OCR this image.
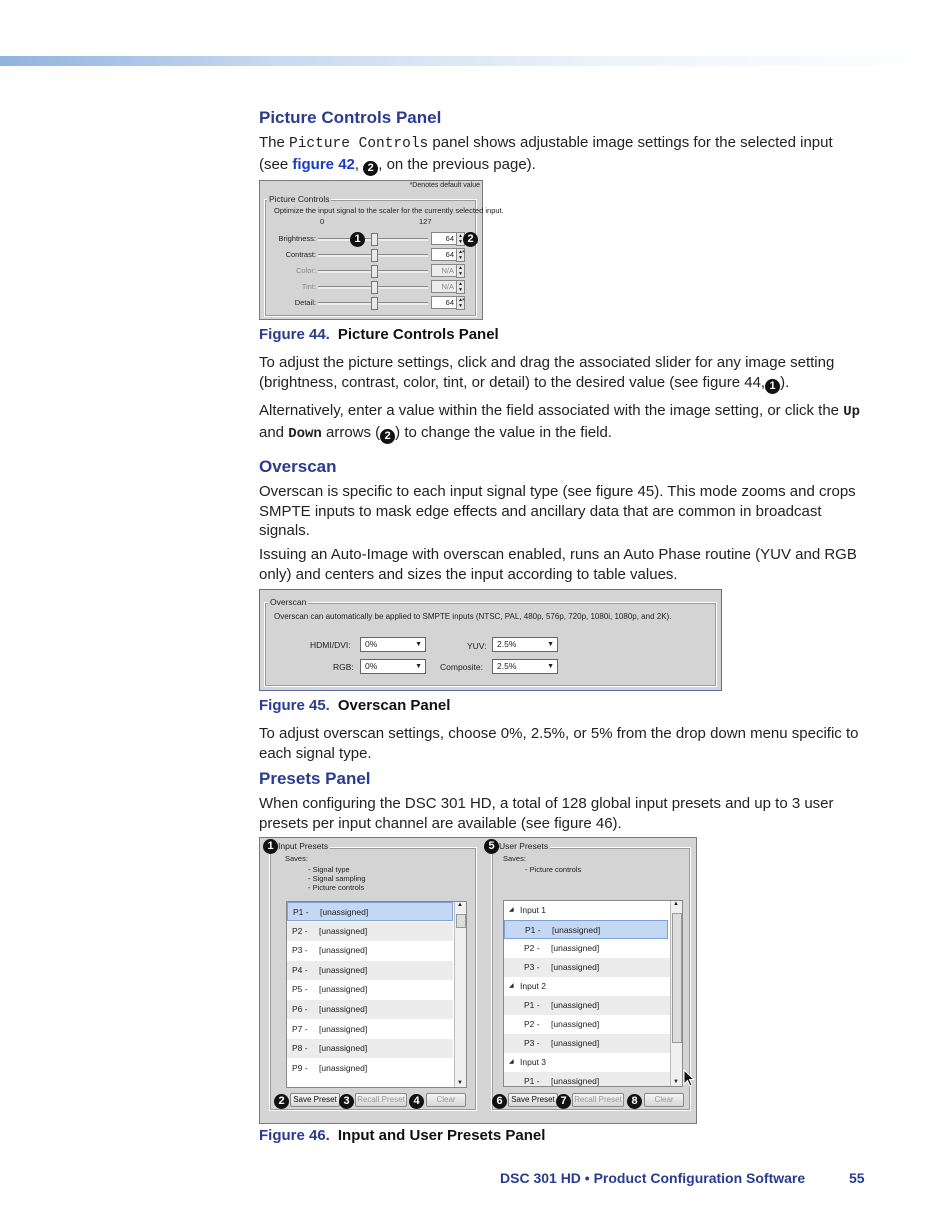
Picture Controls Panel

The Picture Controls panel shows adjustable image settings for the selected input (see figure 42, 2 , on the previous page).

*Denotes default value
Picture Controls
Optimize the input signal to the scaler for the currently selected input.
0	127
Brightness:	64 ▲
▼
Contrast:	64 ▲
▼
Color:	N/A ▲
▼
Tint:	N/A ▲
▼
Detail:	64 ▲
▼
*
*
1	2
Figure 44. Picture Controls Panel

To adjust the picture settings, click and drag the associated slider for any image setting (brightness, contrast, color, tint, or detail) to the desired value (see figure 44, 1 ).

Alternatively, enter a value within the field associated with the image setting, or click the Up and Down arrows ( 2 ) to change the value in the field.

Overscan

Overscan is specific to each input signal type (see figure 45). This mode zooms and crops SMPTE inputs to mask edge effects and ancillary data that are common in broadcast signals.

Issuing an Auto-Image with overscan enabled, runs an Auto Phase routine (YUV and RGB only) and centers and sizes the input according to table values.

Overscan
Overscan can automatically be applied to SMPTE inputs (NTSC, PAL, 480p, 576p, 720p, 1080i, 1080p, and 2K).
HDMI/DVI:	0%	▼
RGB:	0%	▼
YUV:	2.5%	▼
Composite:	2.5%	▼
Figure 45. Overscan Panel

To adjust overscan settings, choose 0%, 2.5%, or 5% from the drop down menu specific to each signal type.

Presets Panel

When configuring the DSC 301 HD, a total of 128 global input presets and up to 3 user presets per input channel are available (see figure 46).

Input Presets
1
Saves:
- Signal type
- Signal sampling
- Picture controls
P1 - [unassigned]
P2 - [unassigned]
P3 - [unassigned]
P4 - [unassigned]
P5 - [unassigned]
P6 - [unassigned]
P7 - [unassigned]
P8 - [unassigned]
P9 - [unassigned]
▲
▼
2	Save Preset 3 Recall Preset 4	Clear
User Presets
5
Saves:
- Picture controls
◢ Input 1
P1 - [unassigned]
P2 - [unassigned]
P3 - [unassigned]
◢ Input 2
P1 - [unassigned]
P2 - [unassigned]
P3 - [unassigned]
◢ Input 3
P1 - [unassigned]
▲
▼
6	Save Preset 7 Recall Preset 8	Clear
Figure 46. Input and User Presets Panel
DSC 301 HD • Product Configuration Software	55
